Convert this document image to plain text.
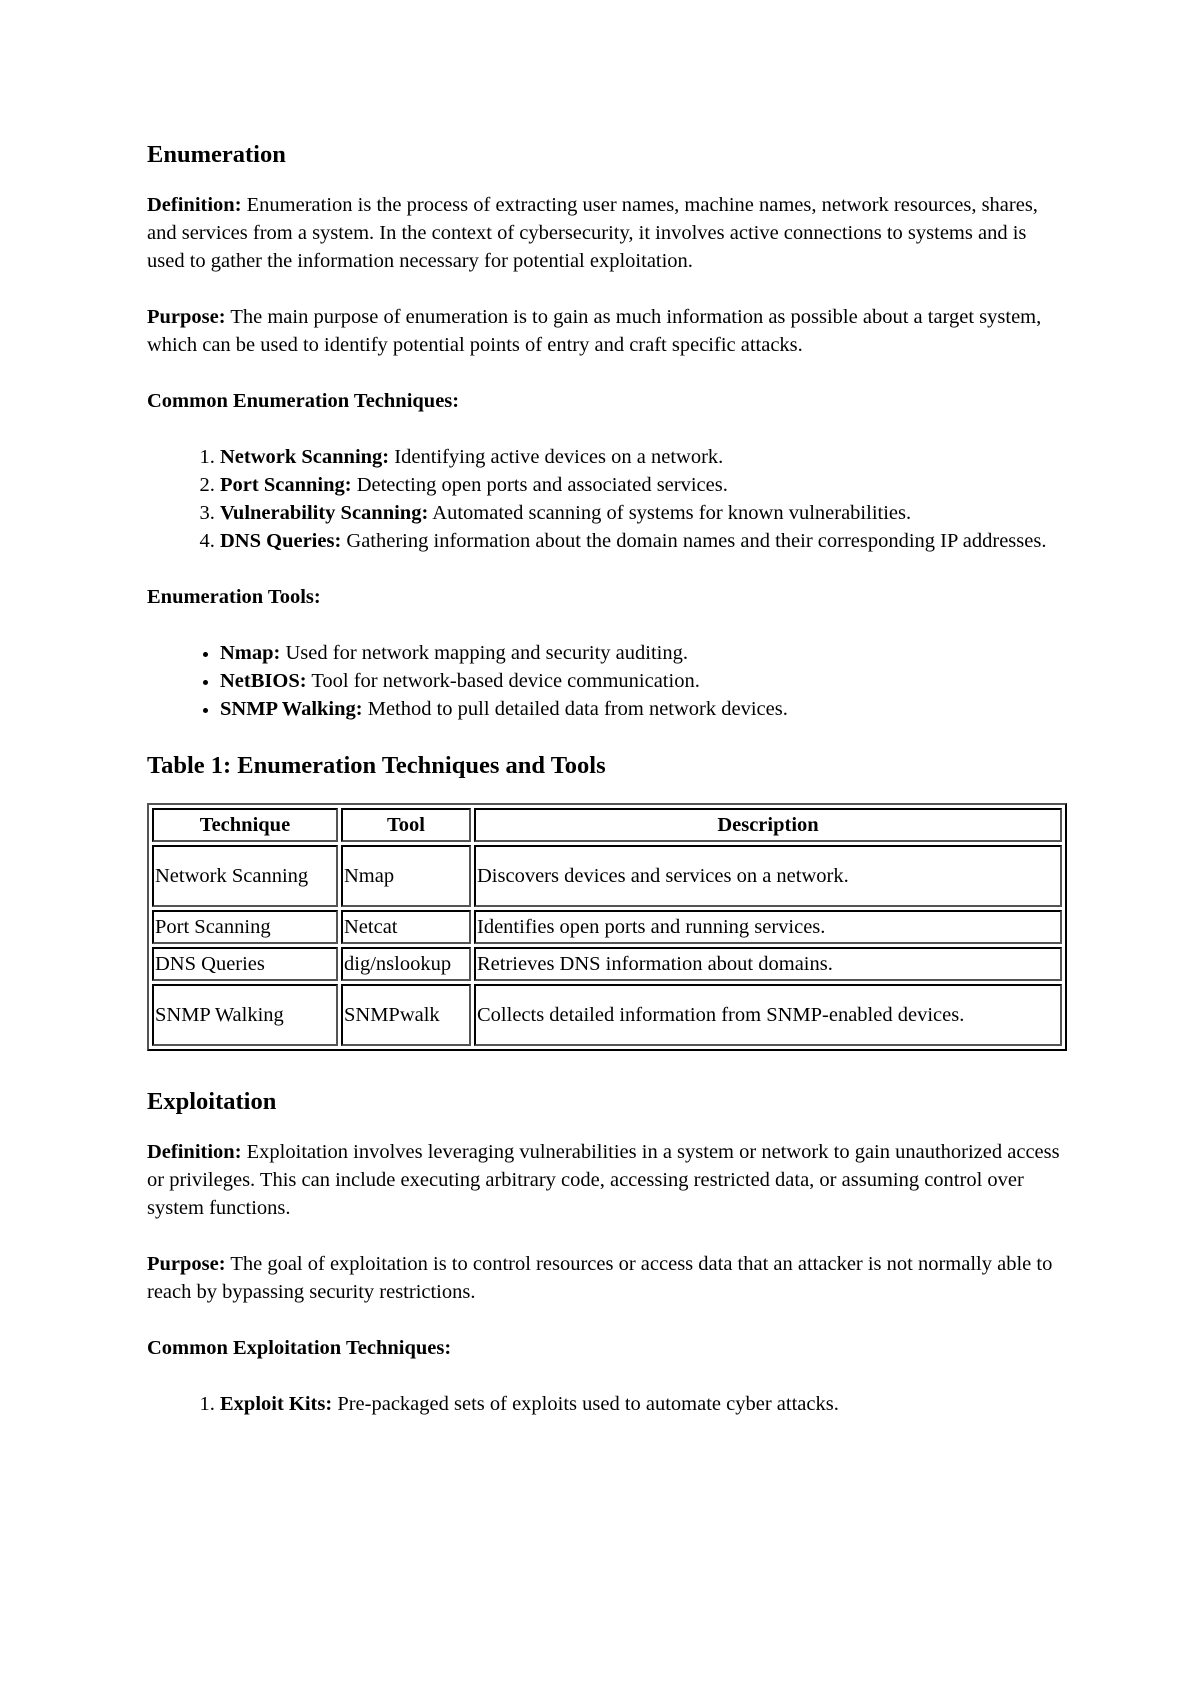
Enumeration

Definition: Enumeration is the process of extracting user names, machine names, network resources, shares, and services from a system. In the context of cybersecurity, it involves active connections to systems and is used to gather the information necessary for potential exploitation.

Purpose: The main purpose of enumeration is to gain as much information as possible about a target system, which can be used to identify potential points of entry and craft specific attacks.

Common Enumeration Techniques:

1. Network Scanning: Identifying active devices on a network.
2. Port Scanning: Detecting open ports and associated services.
3. Vulnerability Scanning: Automated scanning of systems for known vulnerabilities.
4. DNS Queries: Gathering information about the domain names and their corresponding IP addresses.

Enumeration Tools:

• Nmap: Used for network mapping and security auditing.
• NetBIOS: Tool for network-based device communication.
• SNMP Walking: Method to pull detailed data from network devices.
Table 1: Enumeration Techniques and Tools
Technique	Tool	Description
Network Scanning	Nmap	Discovers devices and services on a network.
Port Scanning	Netcat	Identifies open ports and running services.
DNS Queries	dig/nslookup	Retrieves DNS information about domains.
SNMP Walking	SNMPwalk	Collects detailed information from SNMP-enabled devices.
Exploitation

Definition: Exploitation involves leveraging vulnerabilities in a system or network to gain unauthorized access or privileges. This can include executing arbitrary code, accessing restricted data, or assuming control over system functions.

Purpose: The goal of exploitation is to control resources or access data that an attacker is not normally able to reach by bypassing security restrictions.

Common Exploitation Techniques:

1. Exploit Kits: Pre-packaged sets of exploits used to automate cyber attacks.
